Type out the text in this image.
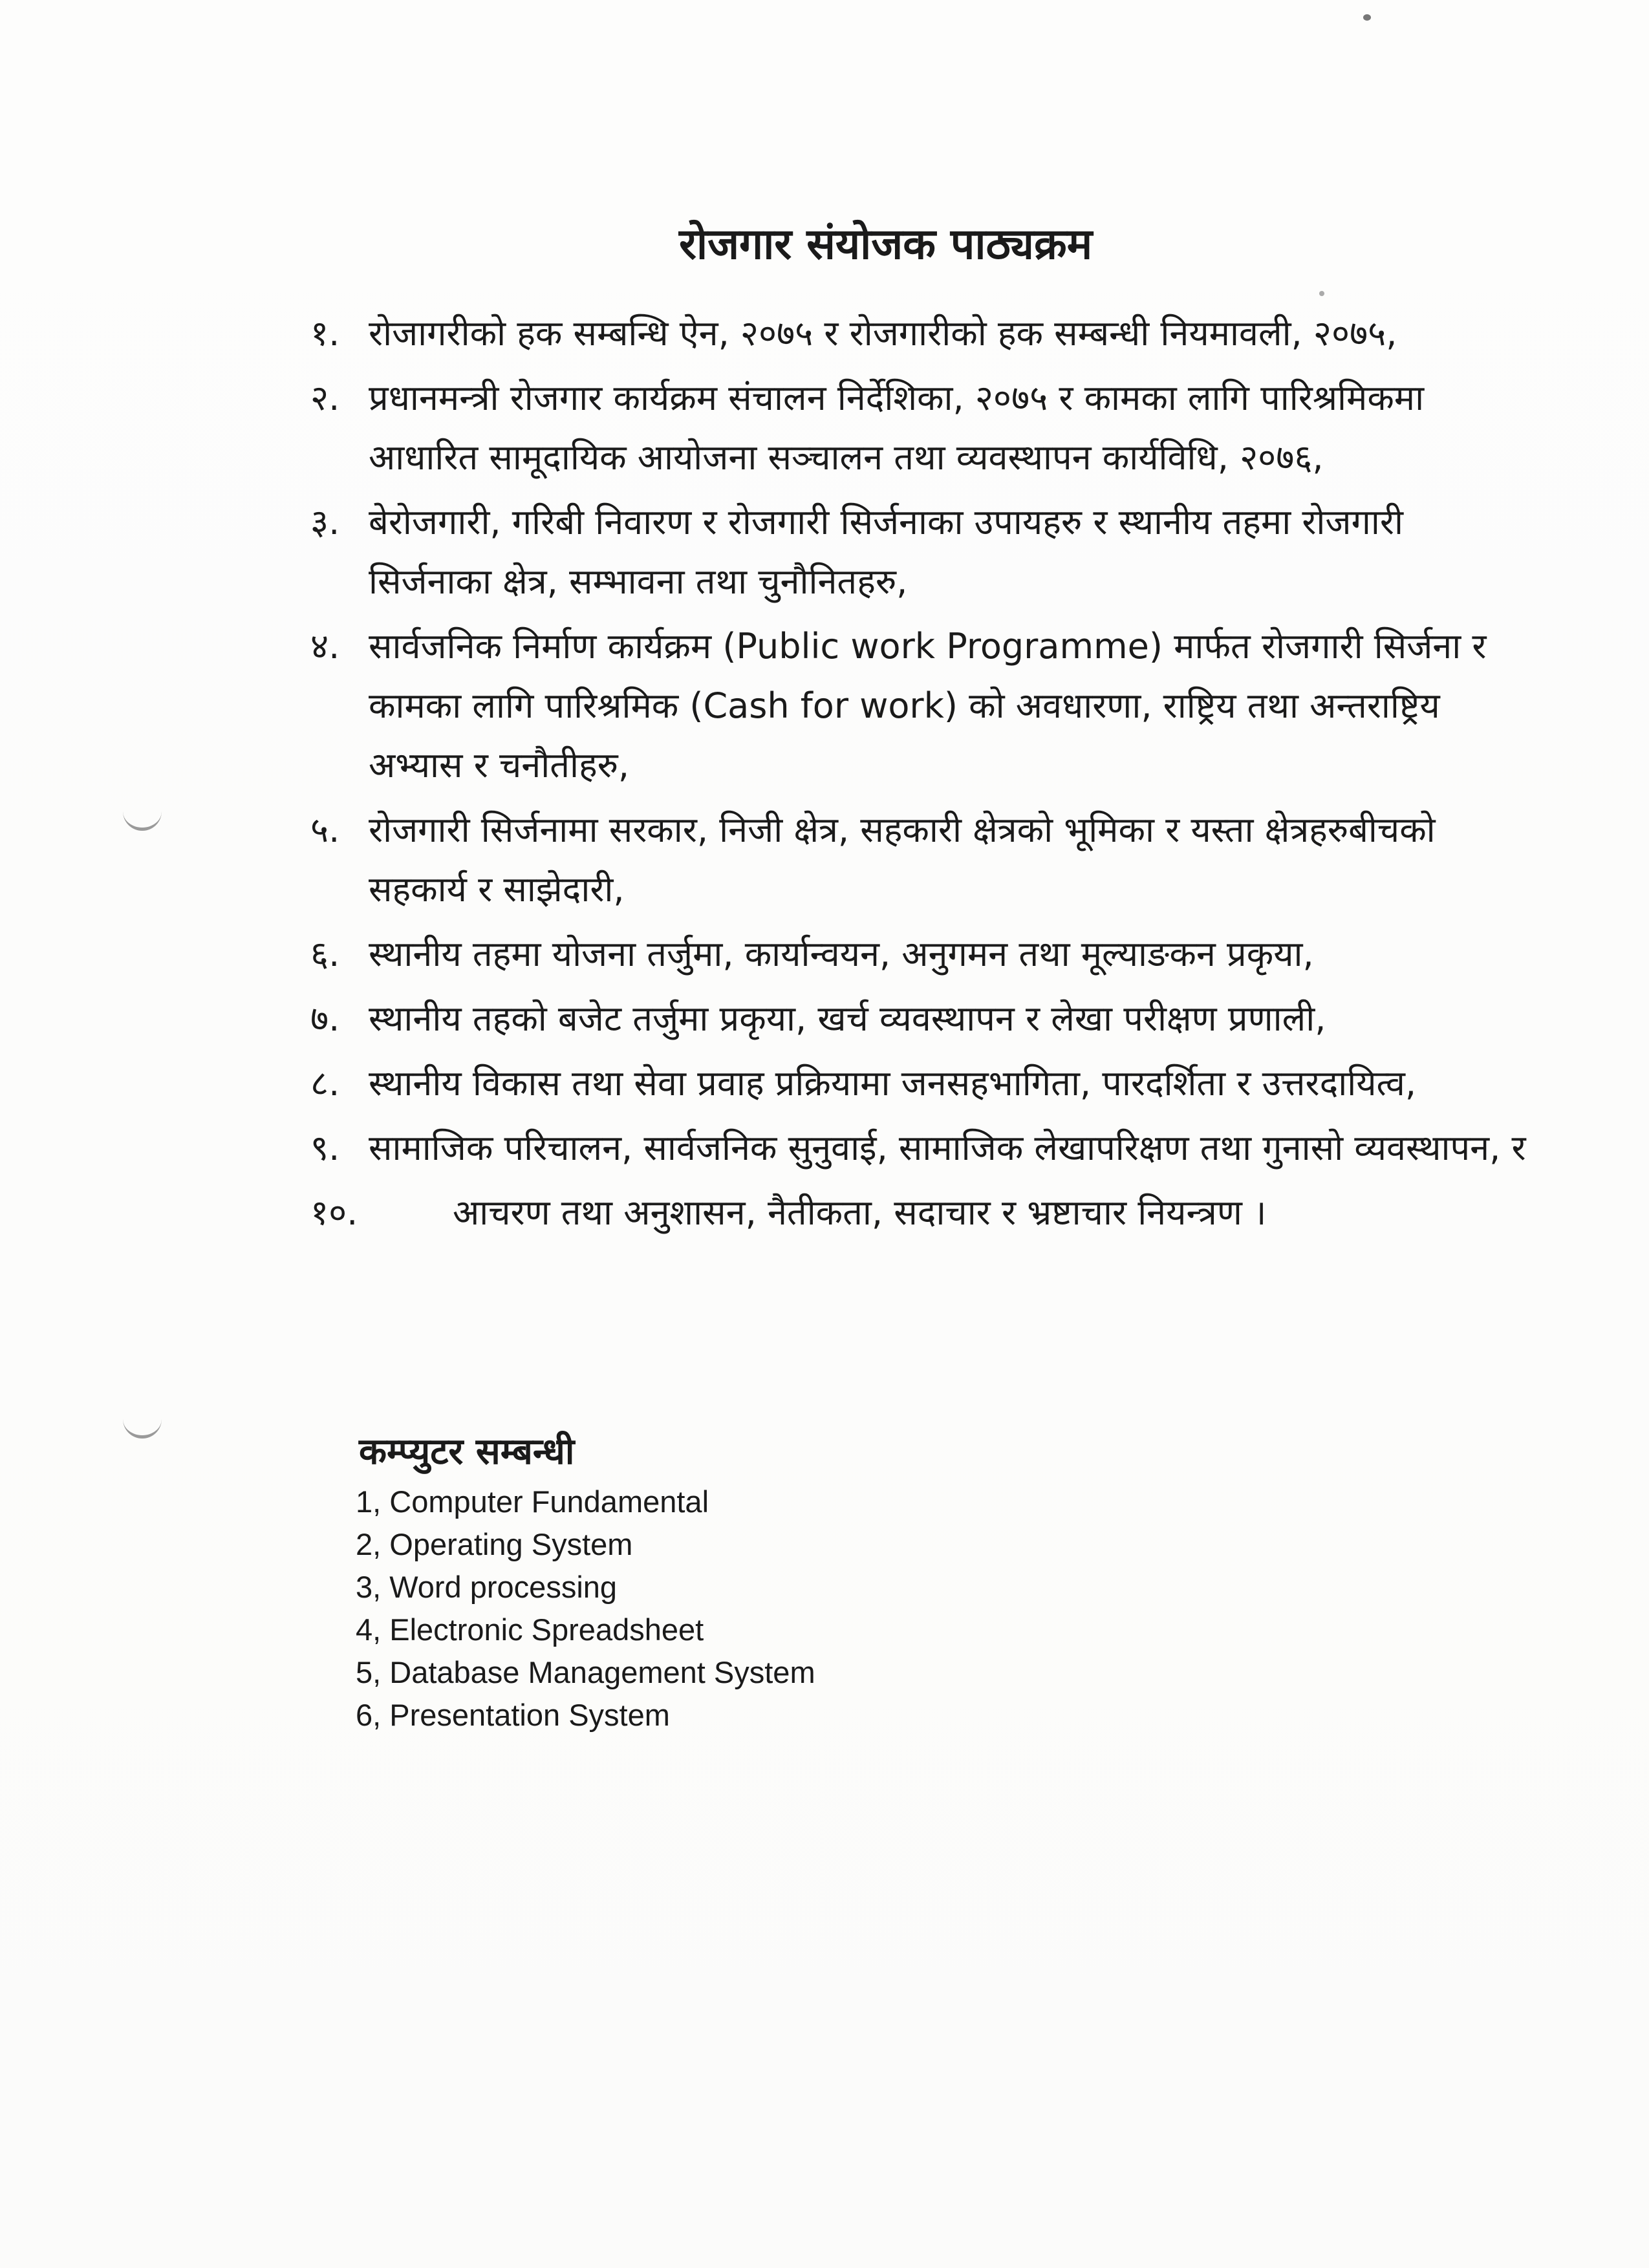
रोजगार संयोजक पाठ्यक्रम
१. रोजागरीको हक सम्बन्धि ऐन, २०७५ र रोजगारीको हक सम्बन्धी नियमावली, २०७५,
२. प्रधानमन्त्री रोजगार कार्यक्रम संचालन निर्देशिका, २०७५ र कामका लागि पारिश्रमिकमा आधारित सामूदायिक आयोजना सञ्चालन तथा व्यवस्थापन कार्यविधि, २०७६,
३. बेरोजगारी, गरिबी निवारण र रोजगारी सिर्जनाका उपायहरु र स्थानीय तहमा रोजगारी सिर्जनाका क्षेत्र, सम्भावना तथा चुनौनितहरु,
४. सार्वजनिक निर्माण कार्यक्रम (Public work Programme) मार्फत रोजगारी सिर्जना र कामका लागि पारिश्रमिक (Cash for work) को अवधारणा, राष्ट्रिय तथा अन्तराष्ट्रिय अभ्यास र चनौतीहरु,
५. रोजगारी सिर्जनामा सरकार, निजी क्षेत्र, सहकारी क्षेत्रको भूमिका र यस्ता क्षेत्रहरुबीचको सहकार्य र साझेदारी,
६. स्थानीय तहमा योजना तर्जुमा, कार्यान्वयन, अनुगमन तथा मूल्याङकन प्रकृया,
७. स्थानीय तहको बजेट तर्जुमा प्रकृया, खर्च व्यवस्थापन र लेखा परीक्षण प्रणाली,
८. स्थानीय विकास तथा सेवा प्रवाह प्रक्रियामा जनसहभागिता, पारदर्शिता र उत्तरदायित्व,
९. सामाजिक परिचालन, सार्वजनिक सुनुवाई, सामाजिक लेखापरिक्षण तथा गुनासो व्यवस्थापन, र
१०.	आचरण तथा अनुशासन, नैतीकता, सदाचार र भ्रष्टाचार नियन्त्रण ।
कम्प्युटर सम्बन्धी
1, Computer Fundamental
2, Operating System
3, Word processing
4, Electronic Spreadsheet
5, Database Management System
6, Presentation System
